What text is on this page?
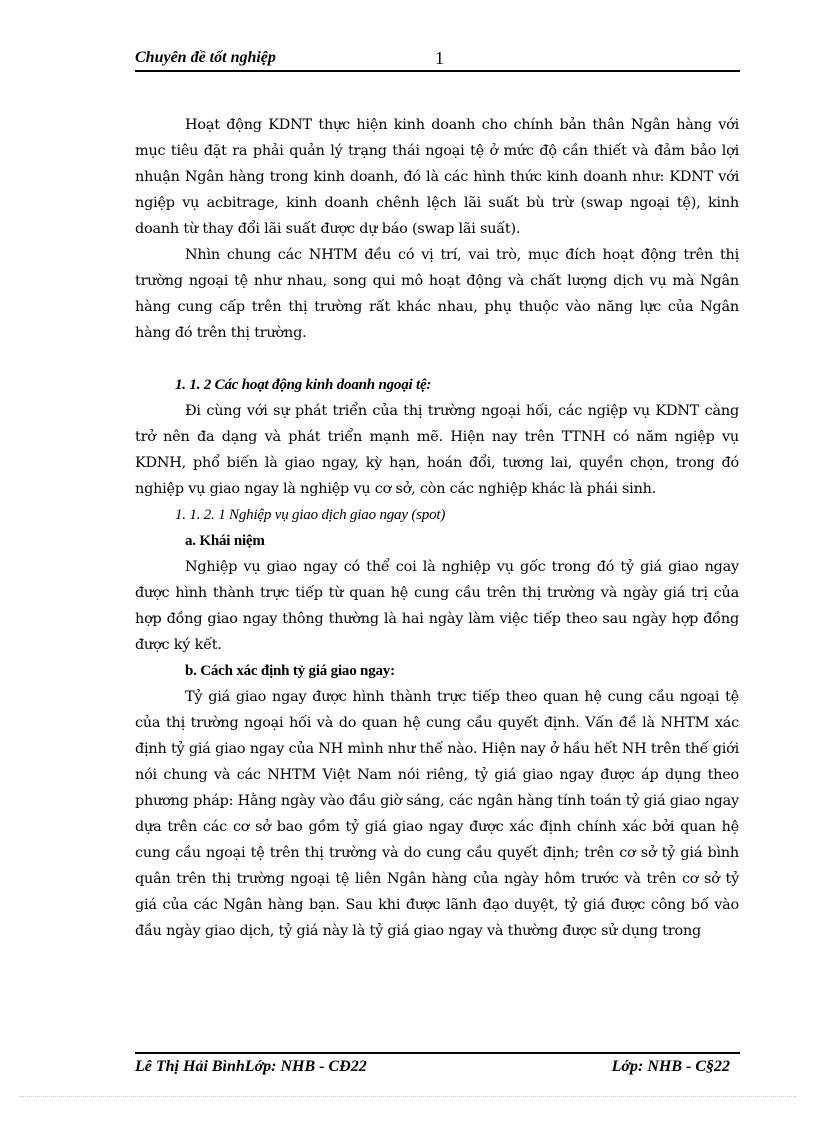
Chuyên đề tốt nghiệp	1

Hoạt động KDNT thực hiện kinh doanh cho chính bản thân Ngân hàng với mục tiêu đặt ra phải quản lý trạng thái ngoại tệ ở mức độ cần thiết và đảm bảo lợi nhuận Ngân hàng trong kinh doanh, đó là các hình thức kinh doanh như: KDNT với ngiệp vụ acbitrage, kinh doanh chênh lệch lãi suất bù trừ (swap ngoại tệ), kinh doanh từ thay đổi lãi suất được dự báo (swap lãi suất).

Nhìn chung các NHTM đều có vị trí, vai trò, mục đích hoạt động trên thị trường ngoại tệ như nhau, song qui mô hoạt động và chất lượng dịch vụ mà Ngân hàng cung cấp trên thị trường rất khác nhau, phụ thuộc vào năng lực của Ngân hàng đó trên thị trường.

1. 1. 2 Các hoạt động kinh doanh ngoại tệ:

Đi cùng với sự phát triển của thị trường ngoại hối, các ngiệp vụ KDNT càng trở nên đa dạng và phát triển mạnh mẽ. Hiện nay trên TTNH có năm ngiệp vụ KDNH, phổ biến là giao ngay, kỳ hạn, hoán đổi, tương lai, quyền chọn, trong đó nghiệp vụ giao ngay là nghiệp vụ cơ sở, còn các nghiệp khác là phái sinh.

1. 1. 2. 1 Nghiệp vụ giao dịch giao ngay (spot)
a. Khái niệm

Nghiệp vụ giao ngay có thể coi là nghiệp vụ gốc trong đó tỷ giá giao ngay được hình thành trực tiếp từ quan hệ cung cầu trên thị trường và ngày giá trị của hợp đồng giao ngay thông thường là hai ngày làm việc tiếp theo sau ngày hợp đồng được ký kết.

b. Cách xác định tỷ giá giao ngay:

Tỷ giá giao ngay được hình thành trực tiếp theo quan hệ cung cầu ngoại tệ của thị trường ngoại hối và do quan hệ cung cầu quyết định. Vấn đề là NHTM xác định tỷ giá giao ngay của NH mình như thế nào. Hiện nay ở hầu hết NH trên thế giới nói chung và các NHTM Việt Nam nói riêng, tỷ giá giao ngay được áp dụng theo phương pháp: Hằng ngày vào đầu giờ sáng, các ngân hàng tính toán tỷ giá giao ngay dựa trên các cơ sở bao gồm tỷ giá giao ngay được xác định chính xác bởi quan hệ cung cầu ngoại tệ trên thị trường và do cung cầu quyết định; trên cơ sở tỷ giá bình quân trên thị trường ngoại tệ liên Ngân hàng của ngày hôm trước và trên cơ sở tỷ giá của các Ngân hàng bạn. Sau khi được lãnh đạo duyệt, tỷ giá được công bố vào đầu ngày giao dịch, tỷ giá này là tỷ giá giao ngay và thường được sử dụng trong

Lê Thị Hải BìnhLớp: NHB - CĐ22	Lớp: NHB - C§22
